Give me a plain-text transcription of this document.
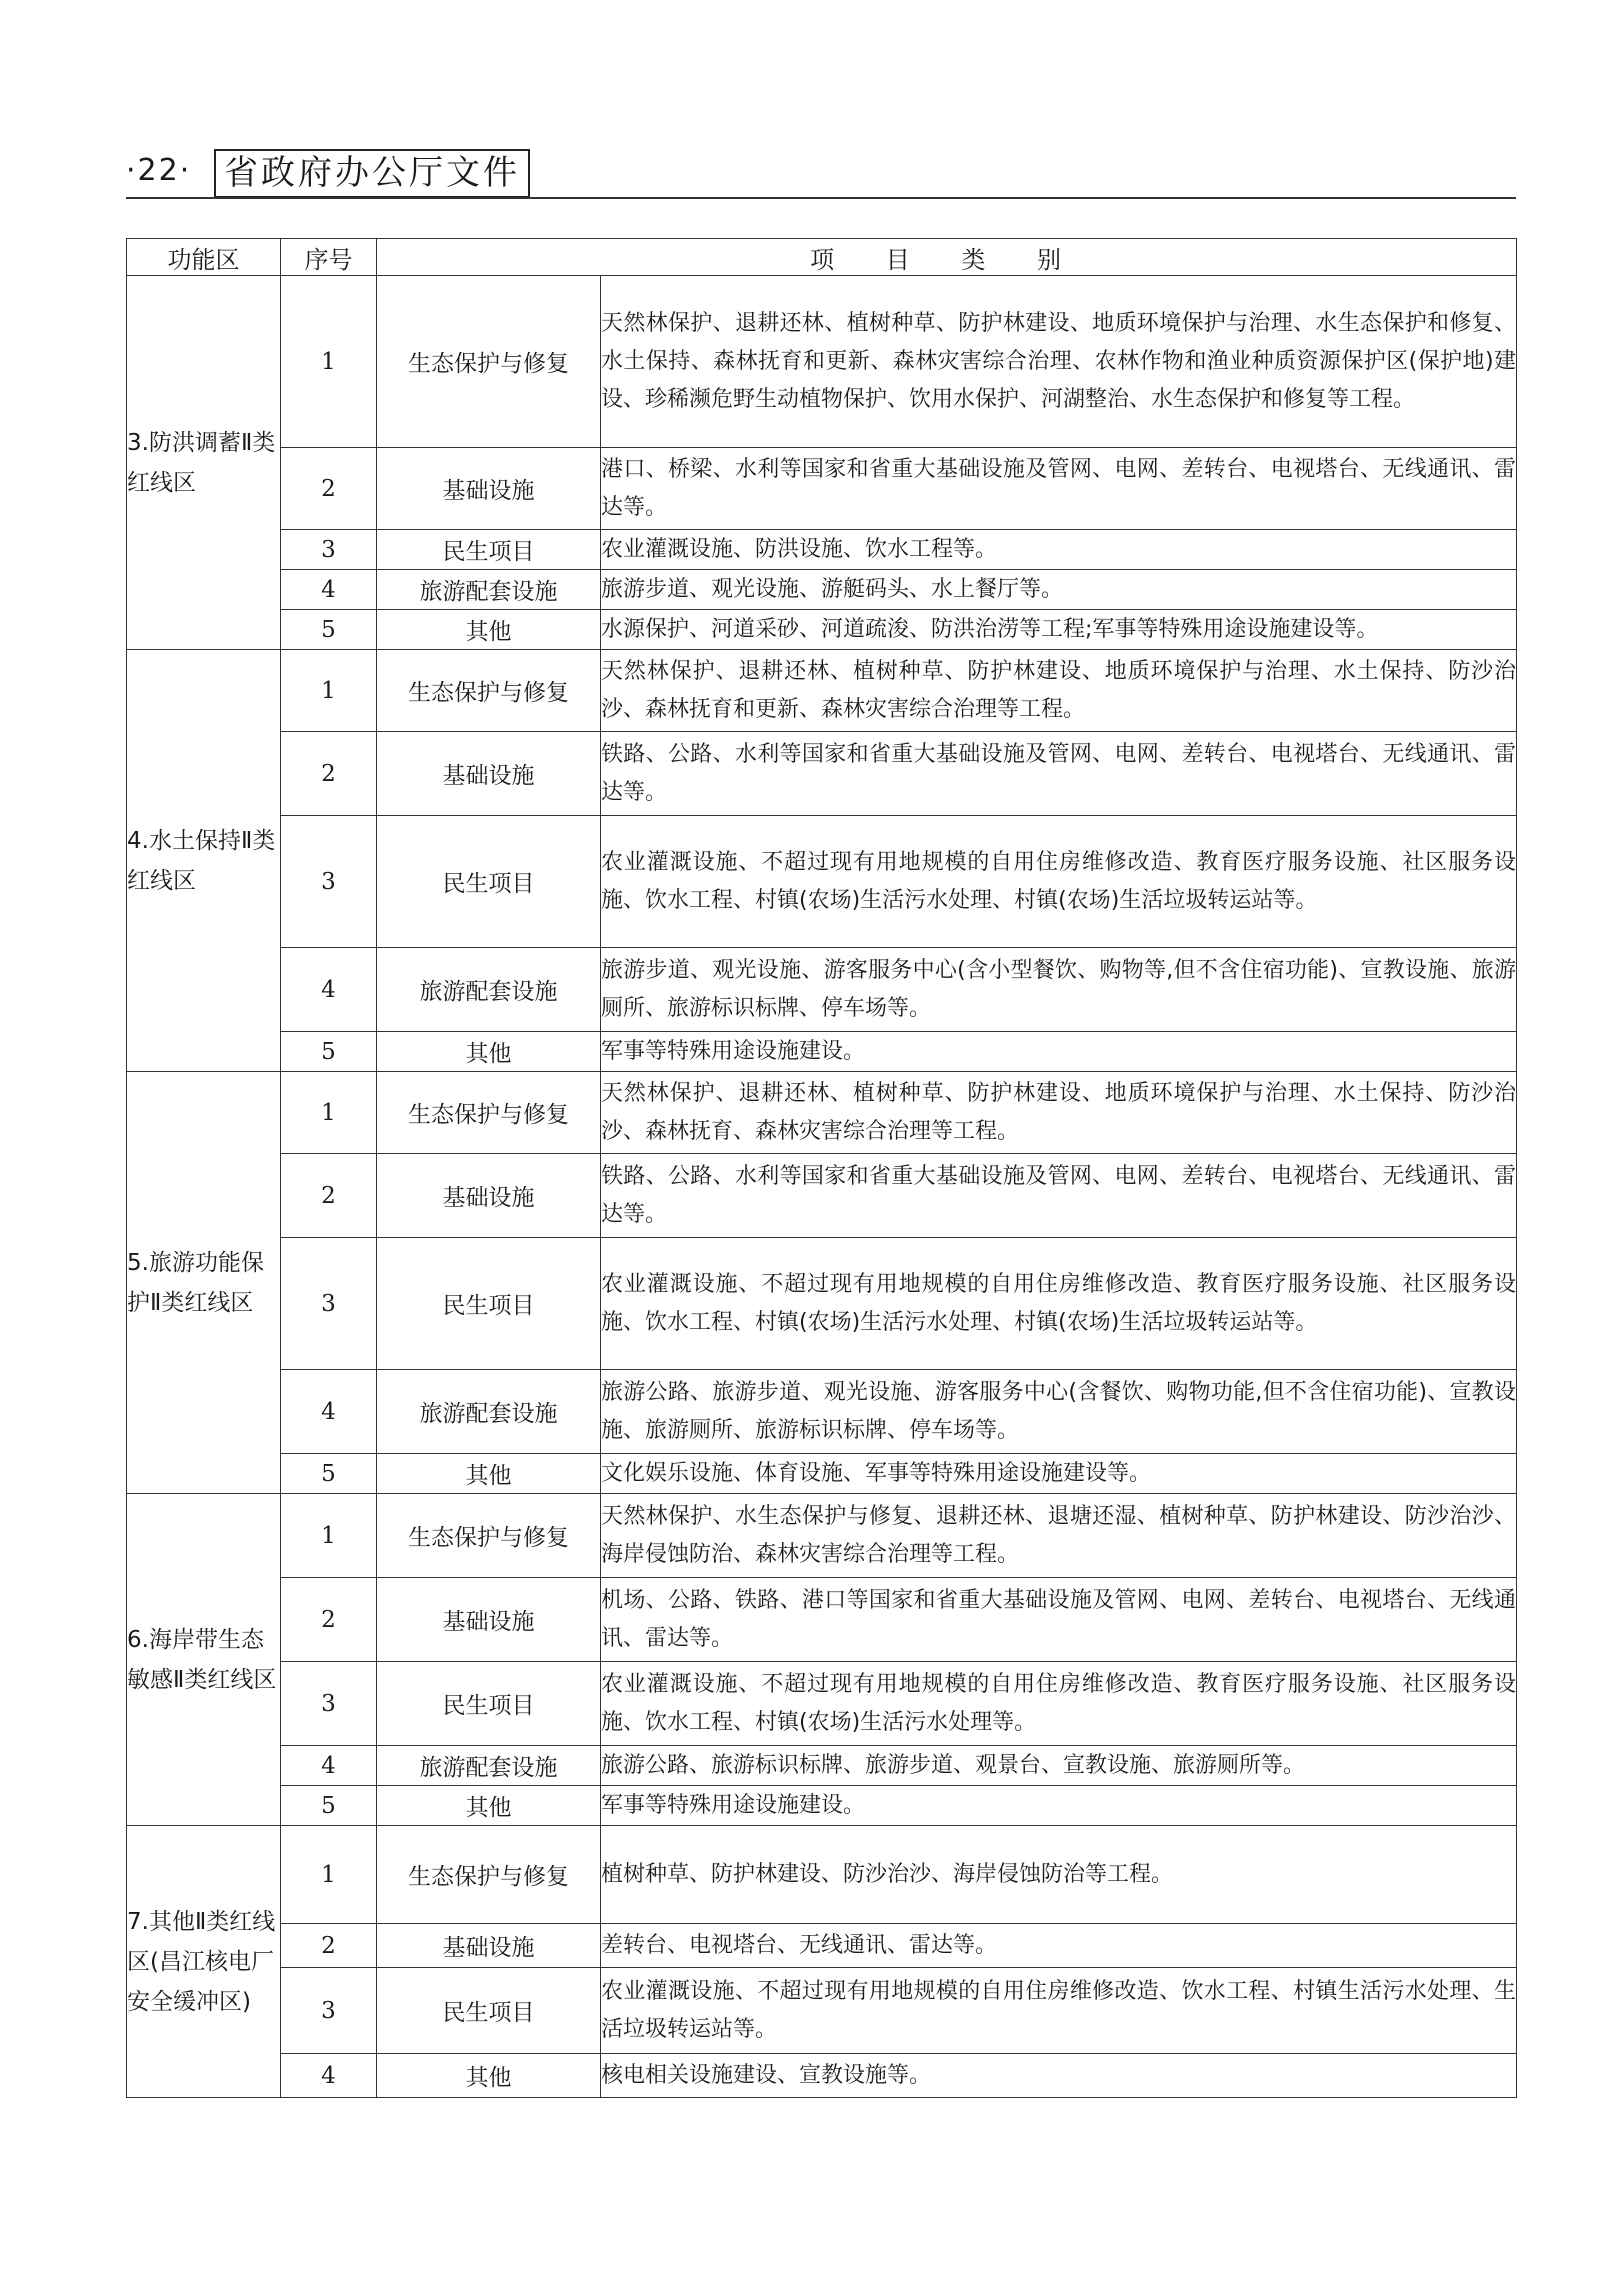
·22· 省政府办公厅文件
功能区	序号	项 目 类 别	
3.防洪调蓄Ⅱ类红线区	1	生态保护与修复	天然林保护、退耕还林、植树种草、防护林建设、地质环境保护与治理、水生态保护和修复、水土保持、森林抚育和更新、森林灾害综合治理、农林作物和渔业种质资源保护区(保护地)建设、珍稀濒危野生动植物保护、饮用水保护、河湖整治、水生态保护和修复等工程。
	2	基础设施	港口、桥梁、水利等国家和省重大基础设施及管网、电网、差转台、电视塔台、无线通讯、雷达等。
	3	民生项目	农业灌溉设施、防洪设施、饮水工程等。
	4	旅游配套设施	旅游步道、观光设施、游艇码头、水上餐厅等。
	5	其他	水源保护、河道采砂、河道疏浚、防洪治涝等工程;军事等特殊用途设施建设等。
4.水土保持Ⅱ类红线区	1	生态保护与修复	天然林保护、退耕还林、植树种草、防护林建设、地质环境保护与治理、水土保持、防沙治沙、森林抚育和更新、森林灾害综合治理等工程。
	2	基础设施	铁路、公路、水利等国家和省重大基础设施及管网、电网、差转台、电视塔台、无线通讯、雷达等。
	3	民生项目	农业灌溉设施、不超过现有用地规模的自用住房维修改造、教育医疗服务设施、社区服务设施、饮水工程、村镇(农场)生活污水处理、村镇(农场)生活垃圾转运站等。
	4	旅游配套设施	旅游步道、观光设施、游客服务中心(含小型餐饮、购物等,但不含住宿功能)、宣教设施、旅游厕所、旅游标识标牌、停车场等。
	5	其他	军事等特殊用途设施建设。
5.旅游功能保护Ⅱ类红线区	1	生态保护与修复	天然林保护、退耕还林、植树种草、防护林建设、地质环境保护与治理、水土保持、防沙治沙、森林抚育、森林灾害综合治理等工程。
	2	基础设施	铁路、公路、水利等国家和省重大基础设施及管网、电网、差转台、电视塔台、无线通讯、雷达等。
	3	民生项目	农业灌溉设施、不超过现有用地规模的自用住房维修改造、教育医疗服务设施、社区服务设施、饮水工程、村镇(农场)生活污水处理、村镇(农场)生活垃圾转运站等。
	4	旅游配套设施	旅游公路、旅游步道、观光设施、游客服务中心(含餐饮、购物功能,但不含住宿功能)、宣教设施、旅游厕所、旅游标识标牌、停车场等。
	5	其他	文化娱乐设施、体育设施、军事等特殊用途设施建设等。
6.海岸带生态敏感Ⅱ类红线区	1	生态保护与修复	天然林保护、水生态保护与修复、退耕还林、退塘还湿、植树种草、防护林建设、防沙治沙、海岸侵蚀防治、森林灾害综合治理等工程。
	2	基础设施	机场、公路、铁路、港口等国家和省重大基础设施及管网、电网、差转台、电视塔台、无线通讯、雷达等。
	3	民生项目	农业灌溉设施、不超过现有用地规模的自用住房维修改造、教育医疗服务设施、社区服务设施、饮水工程、村镇(农场)生活污水处理等。
	4	旅游配套设施	旅游公路、旅游标识标牌、旅游步道、观景台、宣教设施、旅游厕所等。
	5	其他	军事等特殊用途设施建设。
7.其他Ⅱ类红线区(昌江核电厂安全缓冲区)	1	生态保护与修复	植树种草、防护林建设、防沙治沙、海岸侵蚀防治等工程。
	2	基础设施	差转台、电视塔台、无线通讯、雷达等。
	3	民生项目	农业灌溉设施、不超过现有用地规模的自用住房维修改造、饮水工程、村镇生活污水处理、生活垃圾转运站等。
	4	其他	核电相关设施建设、宣教设施等。
